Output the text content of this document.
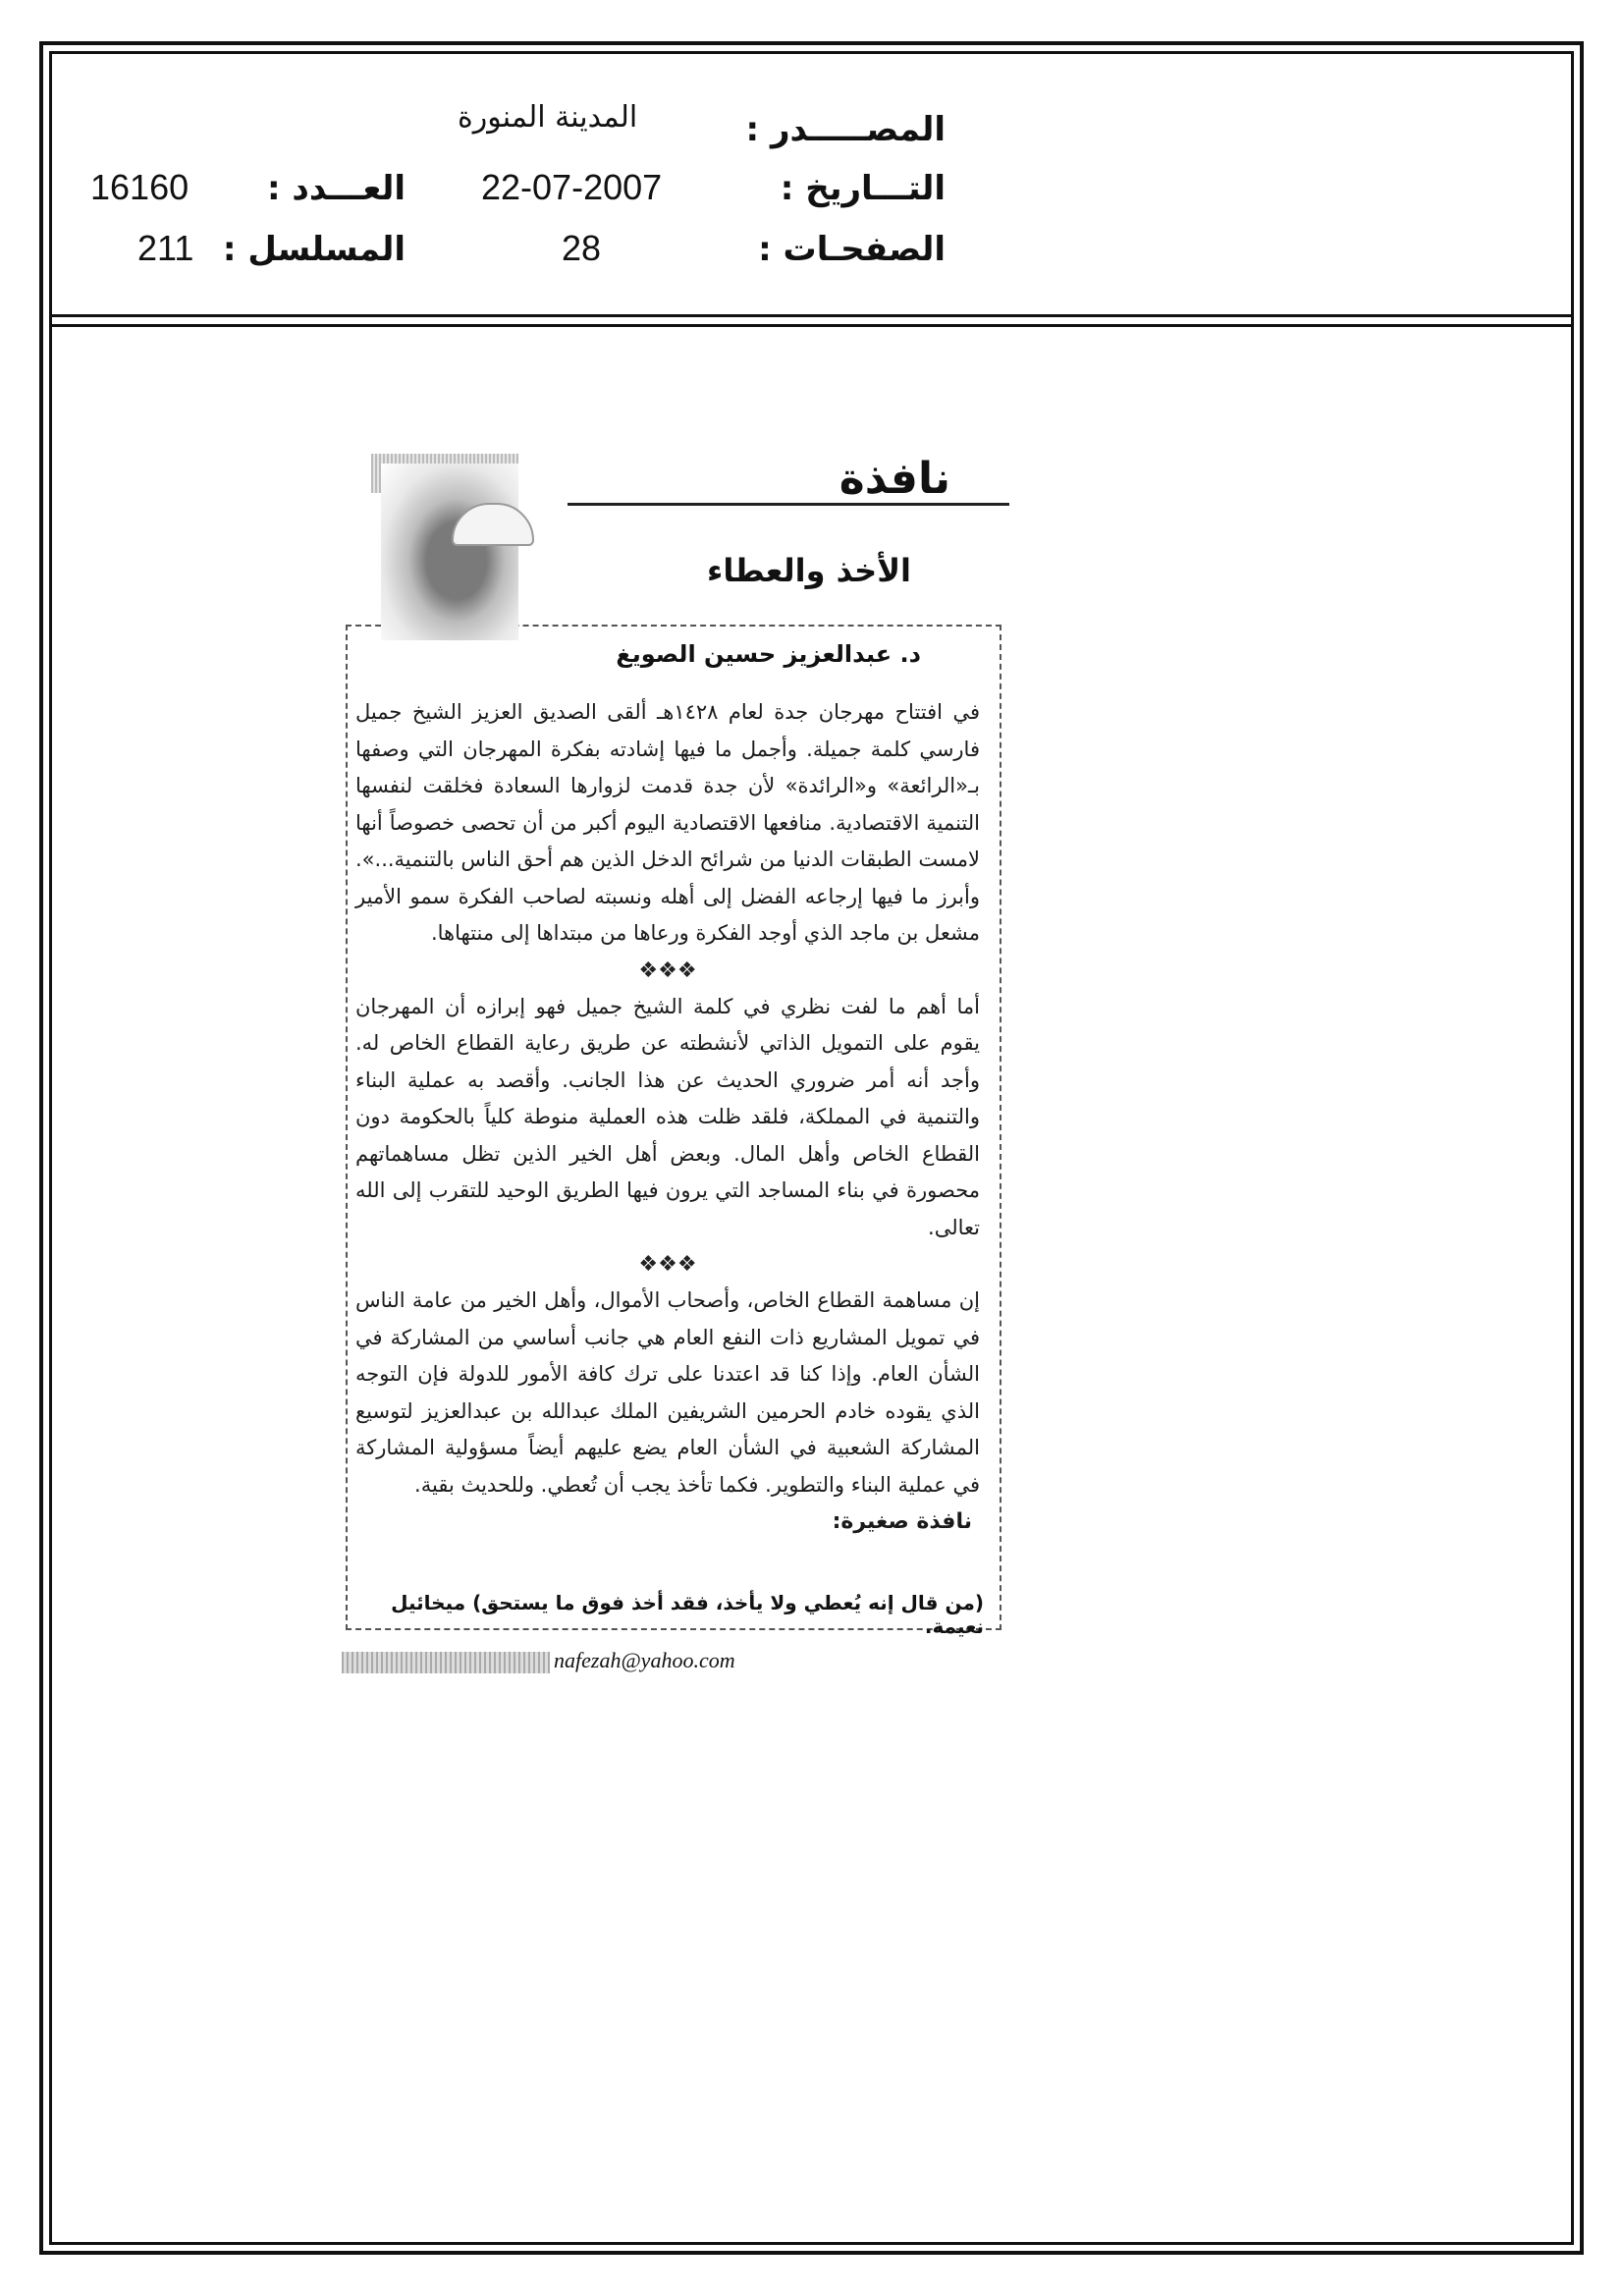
المصـــــدر :
المدينة المنورة
التـــاريخ :
22-07-2007
الصفحـات :
28
العـــدد :
16160
المسلسل :
211
نافذة
الأخذ والعطاء
د. عبدالعزيز حسين الصويغ

في افتتاح مهرجان جدة لعام ١٤٢٨هـ ألقى الصديق العزيز الشيخ جميل فارسي كلمة جميلة. وأجمل ما فيها إشادته بفكرة المهرجان التي وصفها بـ«الرائعة» و«الرائدة» لأن جدة قدمت لزوارها السعادة فخلقت لنفسها التنمية الاقتصادية. منافعها الاقتصادية اليوم أكبر من أن تحصى خصوصاً أنها لامست الطبقات الدنيا من شرائح الدخل الذين هم أحق الناس بالتنمية...». وأبرز ما فيها إرجاعه الفضل إلى أهله ونسبته لصاحب الفكرة سمو الأمير مشعل بن ماجد الذي أوجد الفكرة ورعاها من مبتداها إلى منتهاها.

❖❖❖

أما أهم ما لفت نظري في كلمة الشيخ جميل فهو إبرازه أن المهرجان يقوم على التمويل الذاتي لأنشطته عن طريق رعاية القطاع الخاص له. وأجد أنه أمر ضروري الحديث عن هذا الجانب. وأقصد به عملية البناء والتنمية في المملكة، فلقد ظلت هذه العملية منوطة كلياً بالحكومة دون القطاع الخاص وأهل المال. وبعض أهل الخير الذين تظل مساهماتهم محصورة في بناء المساجد التي يرون فيها الطريق الوحيد للتقرب إلى الله تعالى.

❖❖❖

إن مساهمة القطاع الخاص، وأصحاب الأموال، وأهل الخير من عامة الناس في تمويل المشاريع ذات النفع العام هي جانب أساسي من المشاركة في الشأن العام. وإذا كنا قد اعتدنا على ترك كافة الأمور للدولة فإن التوجه الذي يقوده خادم الحرمين الشريفين الملك عبدالله بن عبدالعزيز لتوسيع المشاركة الشعبية في الشأن العام يضع عليهم أيضاً مسؤولية المشاركة في عملية البناء والتطوير. فكما تأخذ يجب أن تُعطي. وللحديث بقية.

نافذة صغيرة:
(من قال إنه يُعطي ولا يأخذ، فقد أخذ فوق ما يستحق) ميخائيل نعيمة.
nafezah@yahoo.com
